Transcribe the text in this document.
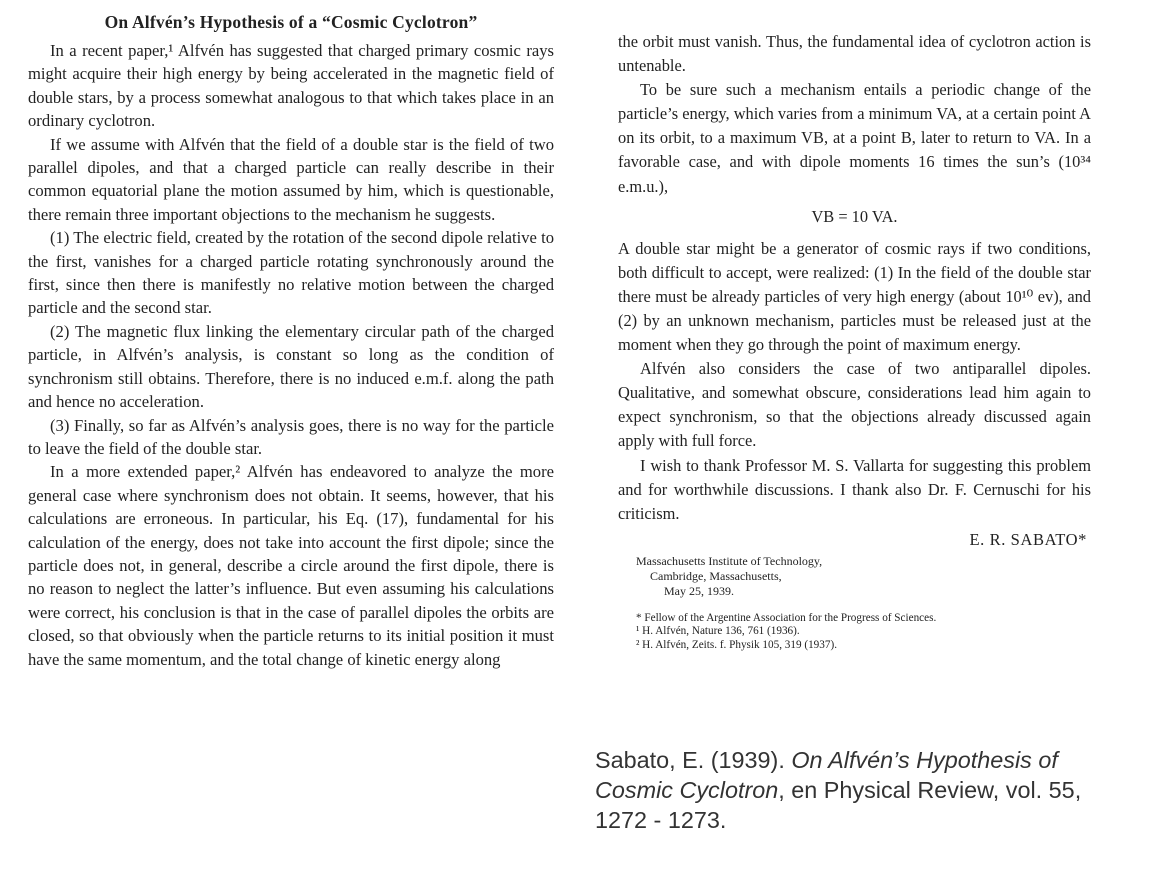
On Alfvén’s Hypothesis of a “Cosmic Cyclotron”

In a recent paper,¹ Alfvén has suggested that charged primary cosmic rays might acquire their high energy by being accelerated in the magnetic field of double stars, by a process somewhat analogous to that which takes place in an ordinary cyclotron.

If we assume with Alfvén that the field of a double star is the field of two parallel dipoles, and that a charged particle can really describe in their common equatorial plane the motion assumed by him, which is questionable, there remain three important objections to the mechanism he suggests.

(1) The electric field, created by the rotation of the second dipole relative to the first, vanishes for a charged particle rotating synchronously around the first, since then there is manifestly no relative motion between the charged particle and the second star.

(2) The magnetic flux linking the elementary circular path of the charged particle, in Alfvén’s analysis, is constant so long as the condition of synchronism still obtains. Therefore, there is no induced e.m.f. along the path and hence no acceleration.

(3) Finally, so far as Alfvén’s analysis goes, there is no way for the particle to leave the field of the double star.

In a more extended paper,² Alfvén has endeavored to analyze the more general case where synchronism does not obtain. It seems, however, that his calculations are erroneous. In particular, his Eq. (17), fundamental for his calculation of the energy, does not take into account the first dipole; since the particle does not, in general, describe a circle around the first dipole, there is no reason to neglect the latter’s influence. But even assuming his calculations were correct, his conclusion is that in the case of parallel dipoles the orbits are closed, so that obviously when the particle returns to its initial position it must have the same momentum, and the total change of kinetic energy along

the orbit must vanish. Thus, the fundamental idea of cyclotron action is untenable.

To be sure such a mechanism entails a periodic change of the particle’s energy, which varies from a minimum VA, at a certain point A on its orbit, to a maximum VB, at a point B, later to return to VA. In a favorable case, and with dipole moments 16 times the sun’s (10³⁴ e.m.u.),

VB = 10 VA.

A double star might be a generator of cosmic rays if two conditions, both difficult to accept, were realized: (1) In the field of the double star there must be already particles of very high energy (about 10¹⁰ ev), and (2) by an unknown mechanism, particles must be released just at the moment when they go through the point of maximum energy.

Alfvén also considers the case of two antiparallel dipoles. Qualitative, and somewhat obscure, considerations lead him again to expect synchronism, so that the objections already discussed again apply with full force.

I wish to thank Professor M. S. Vallarta for suggesting this problem and for worthwhile discussions. I thank also Dr. F. Cernuschi for his criticism.

E. R. SABATO*
Massachusetts Institute of Technology,
Cambridge, Massachusetts,
May 25, 1939.
* Fellow of the Argentine Association for the Progress of Sciences.
¹ H. Alfvén, Nature 136, 761 (1936).
² H. Alfvén, Zeits. f. Physik 105, 319 (1937).
Sabato, E. (1939). On Alfvén’s Hypothesis of Cosmic Cyclotron, en Physical Review, vol. 55, 1272 - 1273.
